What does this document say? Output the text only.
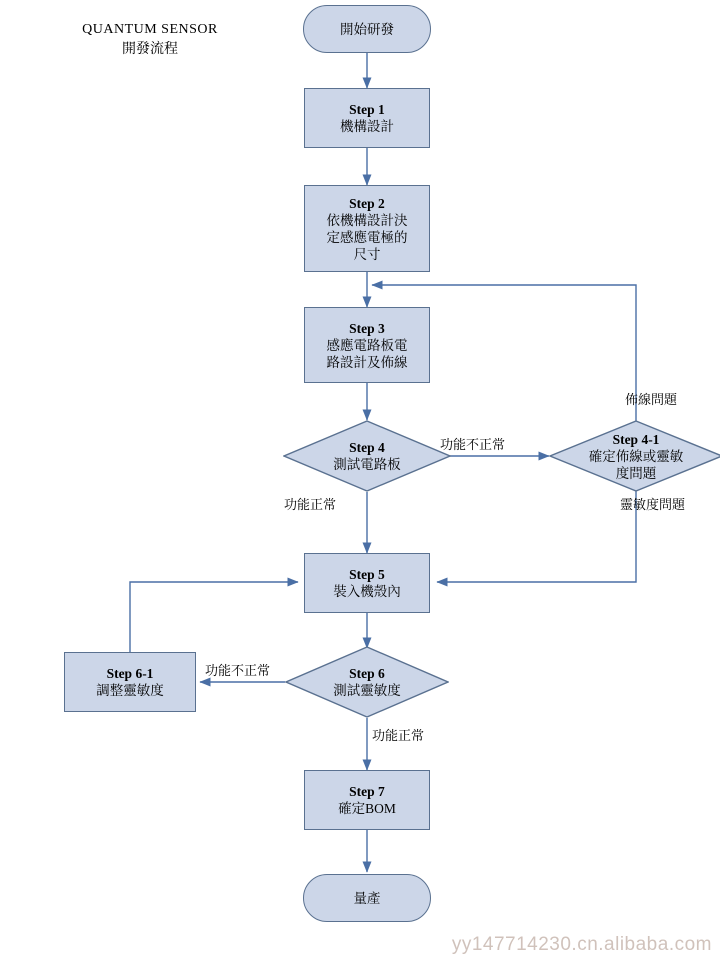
QUANTUM SENSOR
開發流程
開始研發
Step 1
機構設計
Step 2
依機構設計決
定感應電極的
尺寸
Step 3
感應電路板電
路設計及佈線
Step 4
測試電路板
Step 4-1
確定佈線或靈敏
度問題
Step 5
裝入機殼內
Step 6
測試靈敏度
Step 6-1
調整靈敏度
Step 7
確定BOM
量產
功能不正常
功能正常
佈線問題
靈敏度問題
功能不正常
功能正常
yy147714230.cn.alibaba.com
